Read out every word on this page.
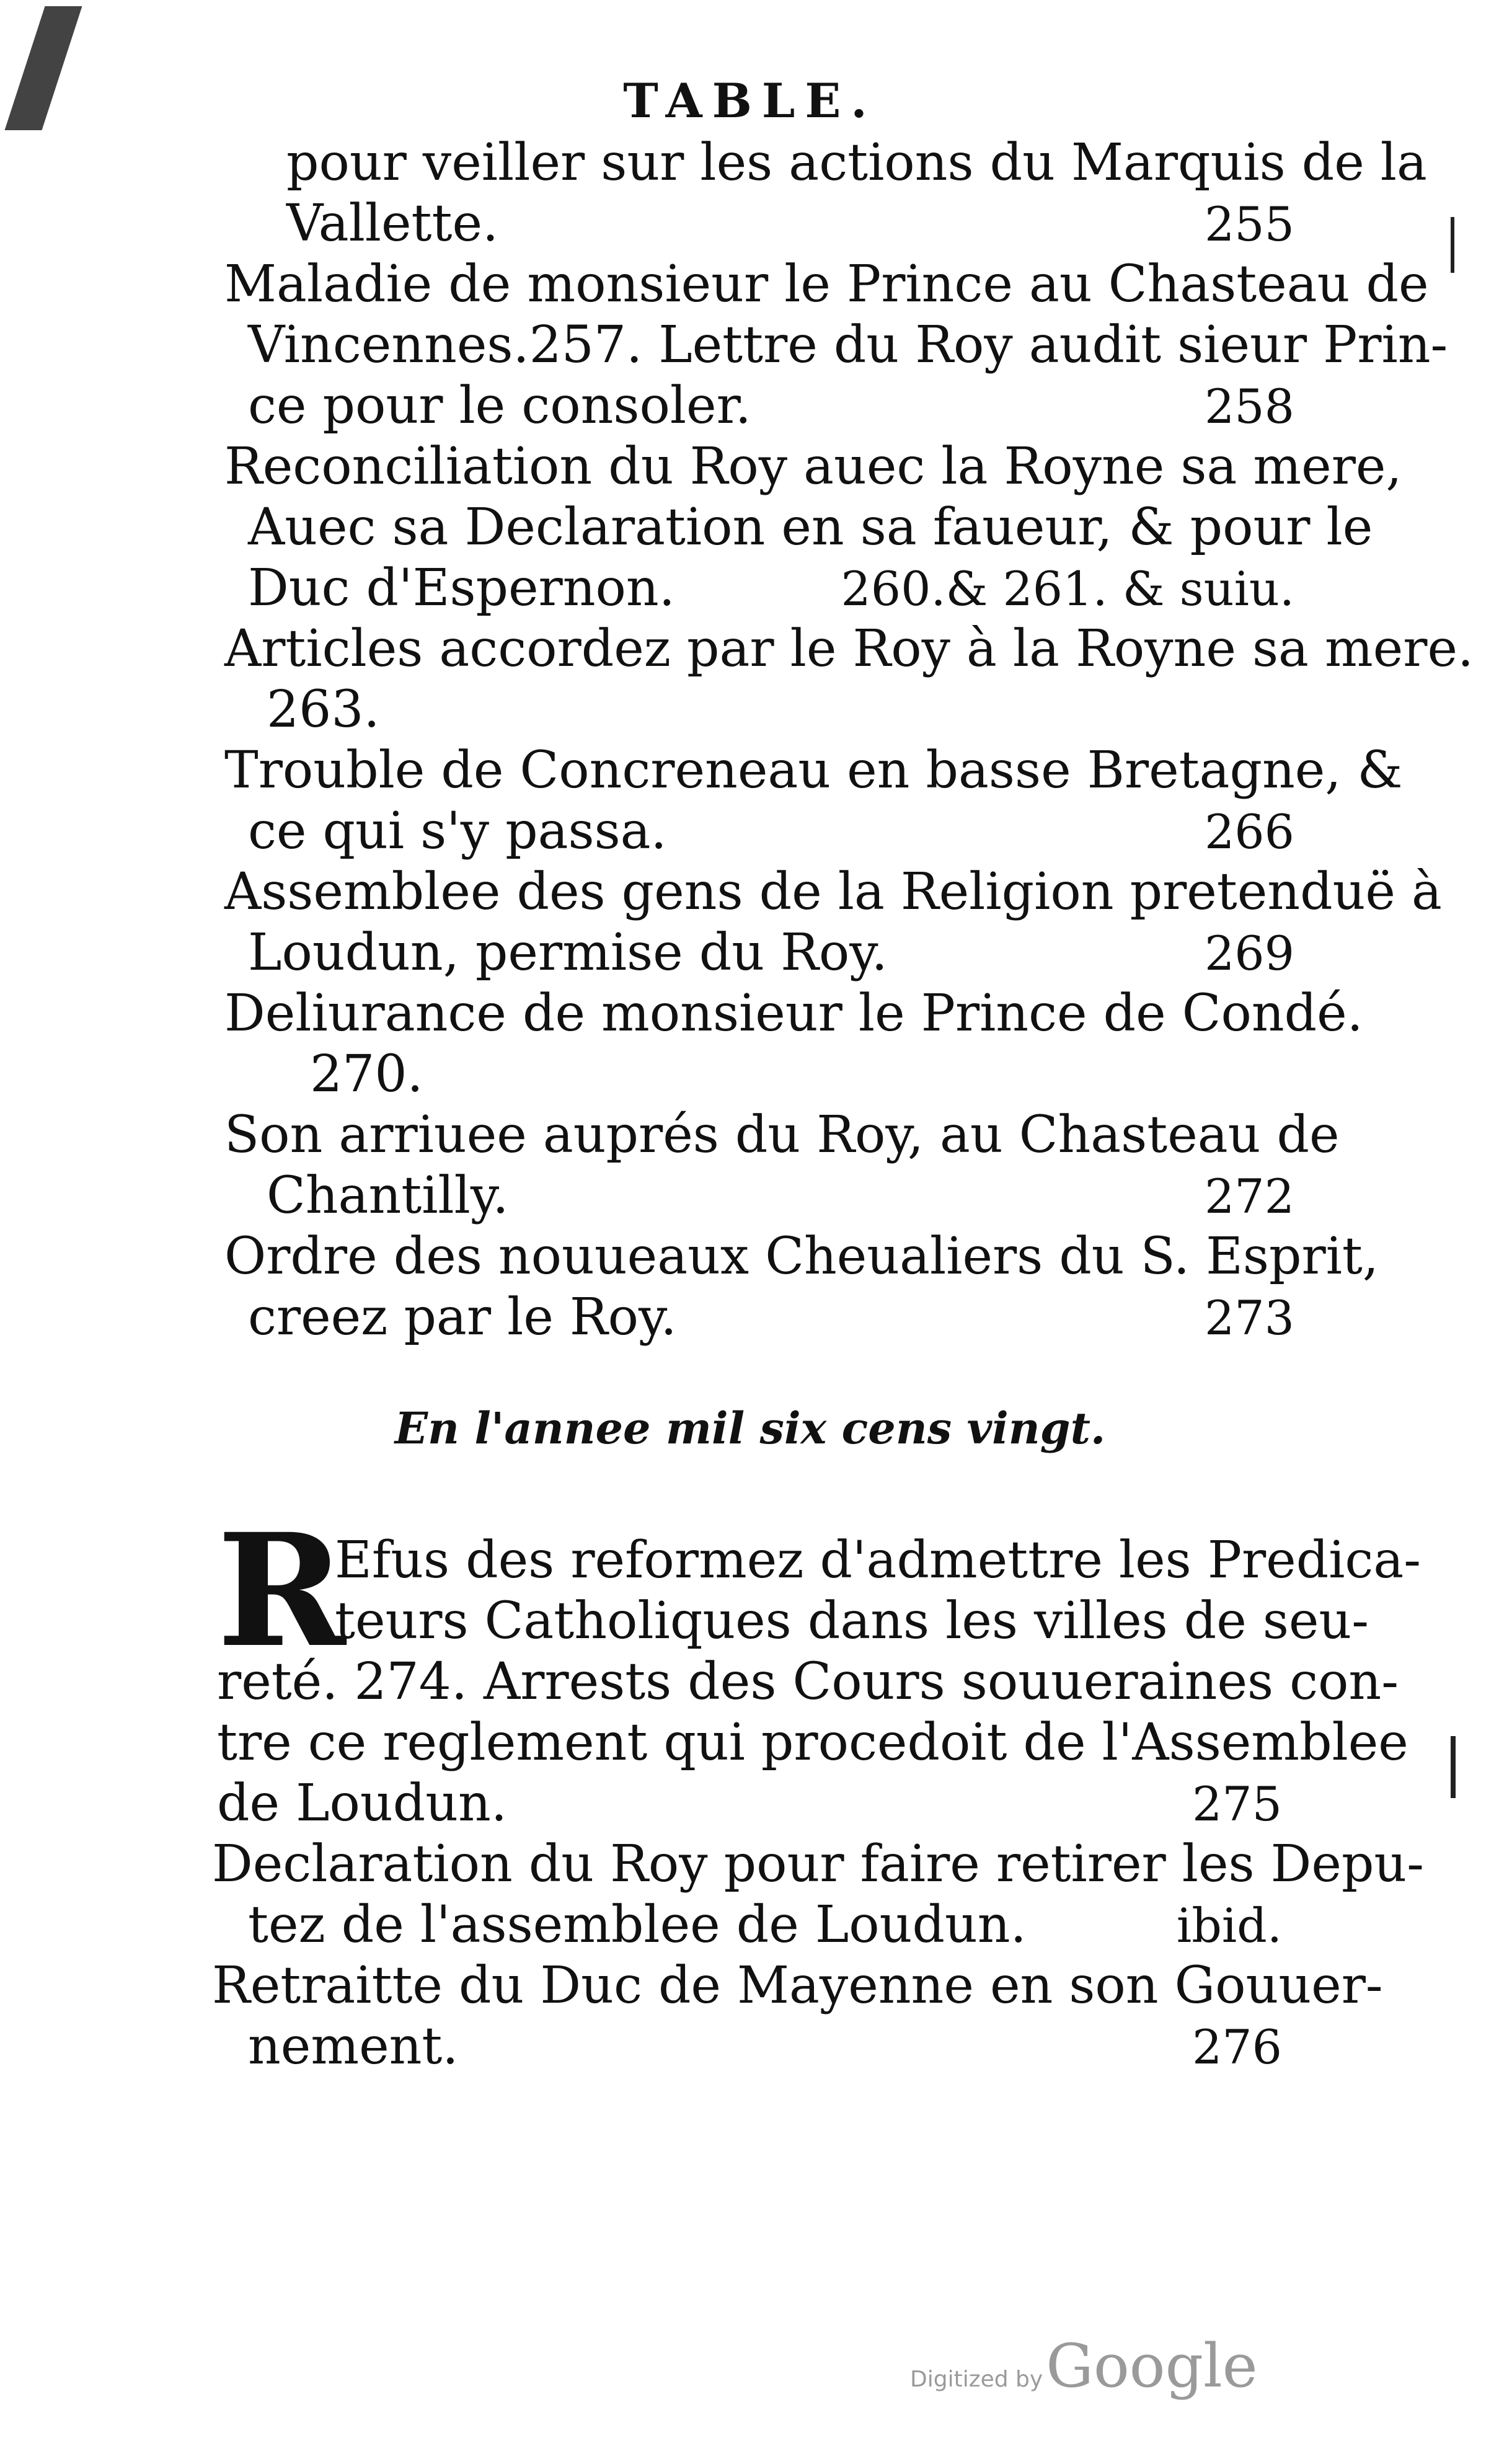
TABLE.
pour veiller sur les actions du Marquis de la
Vallette.	255
Maladie de monsieur le Prince au Chasteau de
Vincennes.257. Lettre du Roy audit sieur Prin-
ce pour le consoler.	258
Reconciliation du Roy auec la Royne sa mere,
Auec sa Declaration en sa faueur, & pour le
Duc d'Espernon.	260.& 261. & suiu.
Articles accordez par le Roy à la Royne sa mere.
263.
Trouble de Concreneau en basse Bretagne, &
ce qui s'y passa.	266
Assemblee des gens de la Religion pretenduë à
Loudun, permise du Roy.	269
Deliurance de monsieur le Prince de Condé.
270.
Son arriuee auprés du Roy, au Chasteau de
Chantilly.	272
Ordre des nouueaux Cheualiers du S. Esprit,
creez par le Roy.	273
En l'annee mil six cens vingt.
R
Efus des reformez d'admettre les Predica-
teurs Catholiques dans les villes de seu-
reté. 274. Arrests des Cours souueraines con-
tre ce reglement qui procedoit de l'Assemblee
de Loudun.	275
Declaration du Roy pour faire retirer les Depu-
tez de l'assemblee de Loudun.	ibid.
Retraitte du Duc de Mayenne en son Gouuer-
nement.	276
Digitized by Google
